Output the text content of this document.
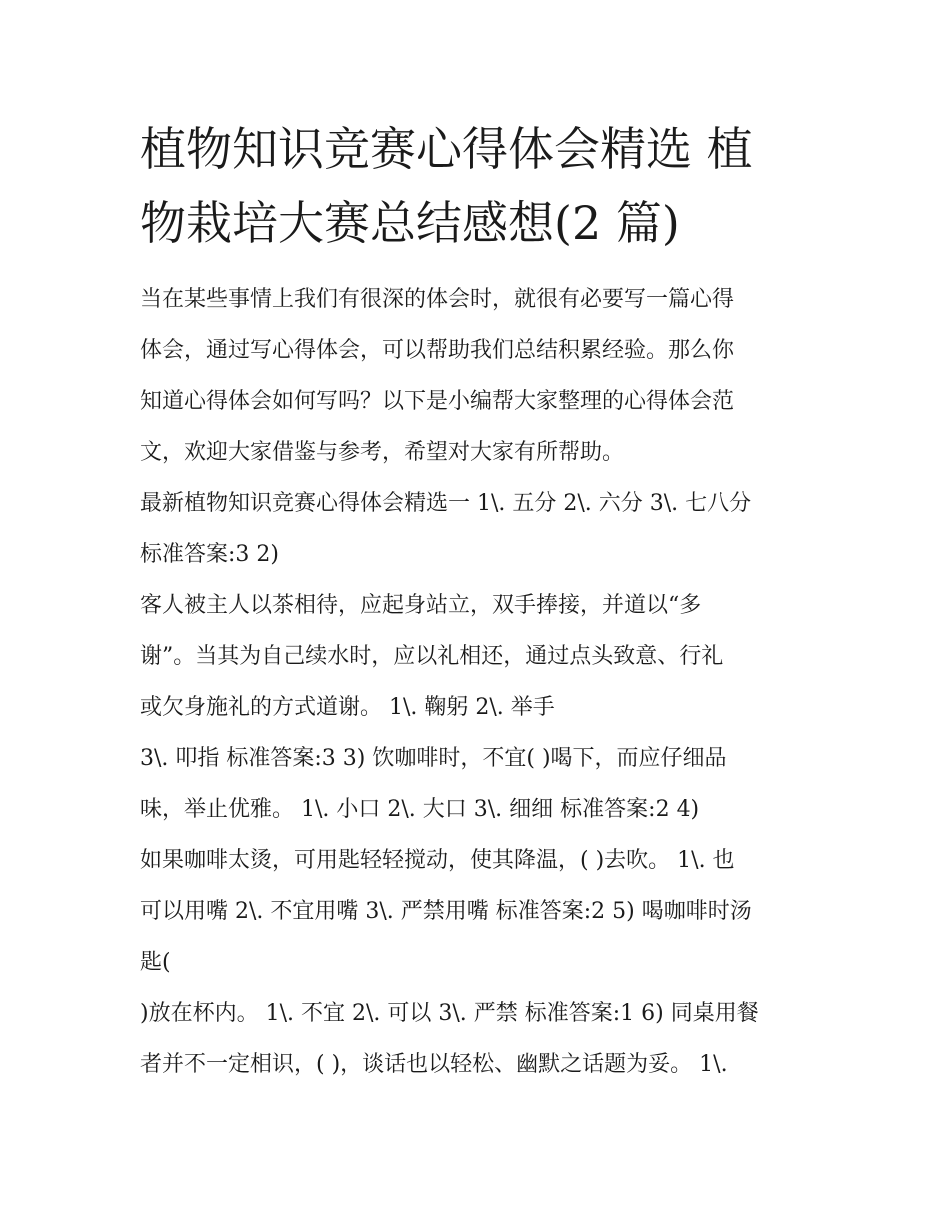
植物知识竞赛心得体会精选 植
物栽培大赛总结感想(2 篇)
当在某些事情上我们有很深的体会时，就很有必要写一篇心得
体会，通过写心得体会，可以帮助我们总结积累经验。那么你
知道心得体会如何写吗？以下是小编帮大家整理的心得体会范
文，欢迎大家借鉴与参考，希望对大家有所帮助。
最新植物知识竞赛心得体会精选一 1\. 五分 2\. 六分 3\. 七八分
标准答案:3 2)
客人被主人以茶相待，应起身站立，双手捧接，并道以“多
谢”。当其为自己续水时，应以礼相还，通过点头致意、行礼
或欠身施礼的方式道谢。 1\. 鞠躬 2\. 举手
3\. 叩指 标准答案:3 3) 饮咖啡时，不宜( )喝下，而应仔细品
味，举止优雅。 1\. 小口 2\. 大口 3\. 细细 标准答案:2 4)
如果咖啡太烫，可用匙轻轻搅动，使其降温，( )去吹。 1\. 也
可以用嘴 2\. 不宜用嘴 3\. 严禁用嘴 标准答案:2 5) 喝咖啡时汤
匙(
)放在杯内。 1\. 不宜 2\. 可以 3\. 严禁 标准答案:1 6) 同桌用餐
者并不一定相识，( )，谈话也以轻松、幽默之话题为妥。 1\.
